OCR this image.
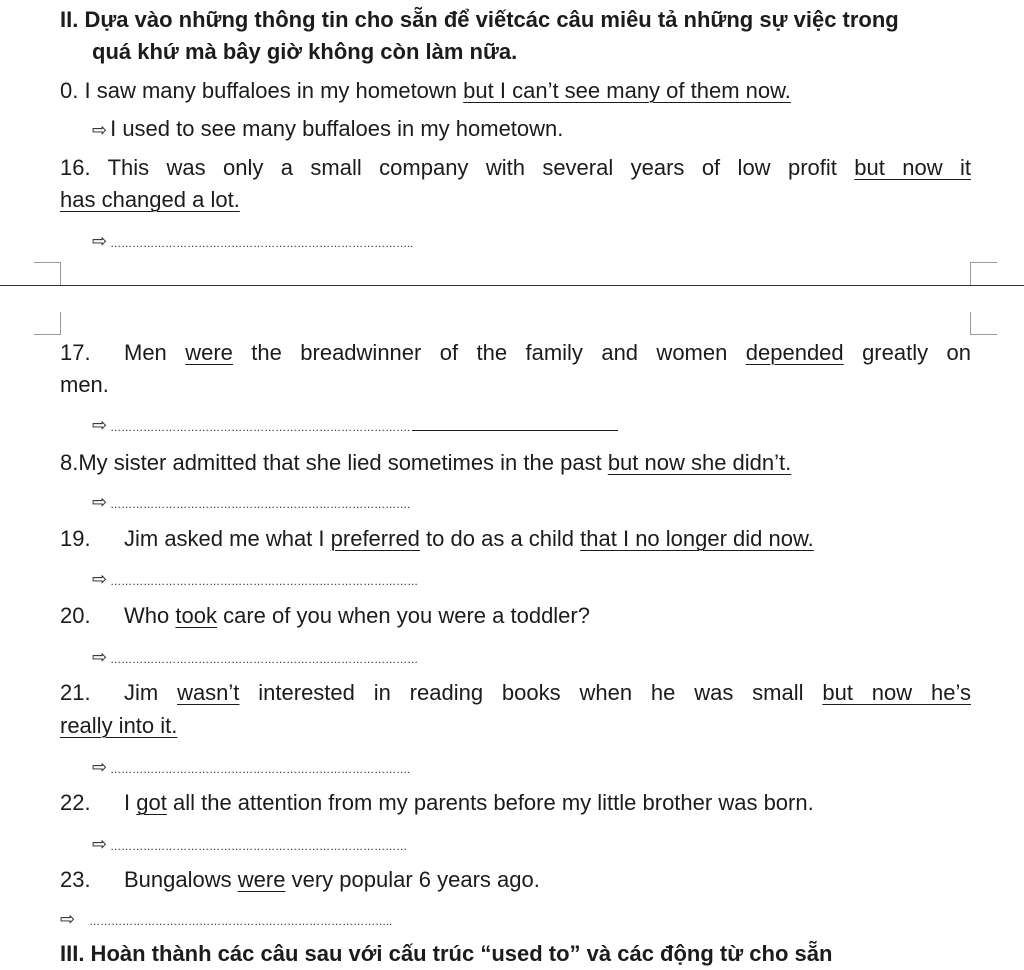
II. Dựa vào những thông tin cho sẵn để viếtcác câu miêu tả những sự việc trong

quá khứ mà bây giờ không còn làm nữa.

0. I saw many buffaloes in my hometown but I can’t see many of them now.

⇨ I used to see many buffaloes in my hometown.

16. This was only a small company with several years of low profit but now it

has changed a lot.

⇨ ………………………………………………………………………..

17. Men were the breadwinner of the family and women depended greatly on

men.

⇨ ……………………………………………………………………….

8.My sister admitted that she lied sometimes in the past but now she didn’t.

⇨ ……………………………………………………………………….

19. Jim asked me what I preferred to do as a child that I no longer did now.

⇨ …………………………………………………………………………

20. Who took care of you when you were a toddler?

⇨ …………………………………………………………………………

21. Jim wasn’t interested in reading books when he was small but now he’s

really into it.

⇨ ……………………………………………………………………….

22. I got all the attention from my parents before my little brother was born.

⇨ ………………………………………………………………………

23. Bungalows were very popular 6 years ago.

⇨ ………………………………………………………………………..

III. Hoàn thành các câu sau với cấu trúc “used to” và các động từ cho sẵn
